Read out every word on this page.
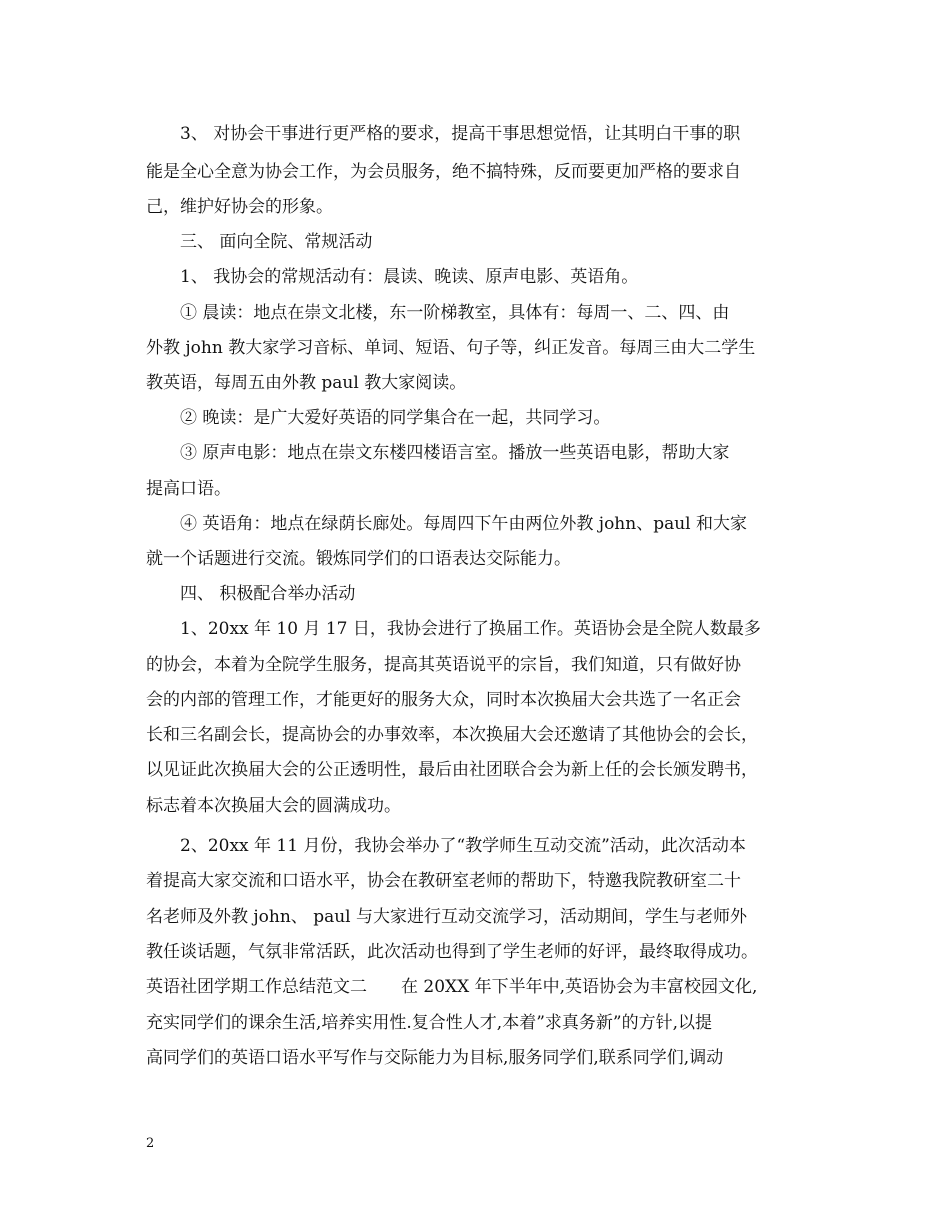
3、 对协会干事进行更严格的要求，提高干事思想觉悟，让其明白干事的职
能是全心全意为协会工作，为会员服务，绝不搞特殊，反而要更加严格的要求自
己，维护好协会的形象。
三、 面向全院、常规活动
1、 我协会的常规活动有：晨读、晚读、原声电影、英语角。
① 晨读：地点在崇文北楼，东一阶梯教室，具体有：每周一、二、四、由
外教 john 教大家学习音标、单词、短语、句子等，纠正发音。每周三由大二学生
教英语，每周五由外教 paul 教大家阅读。
② 晚读：是广大爱好英语的同学集合在一起，共同学习。
③ 原声电影：地点在崇文东楼四楼语言室。播放一些英语电影，帮助大家
提高口语。
④ 英语角：地点在绿荫长廊处。每周四下午由两位外教 john、paul 和大家
就一个话题进行交流。锻炼同学们的口语表达交际能力。
四、 积极配合举办活动
1、20xx 年 10 月 17 日，我协会进行了换届工作。英语协会是全院人数最多
的协会，本着为全院学生服务，提高其英语说平的宗旨，我们知道，只有做好协
会的内部的管理工作，才能更好的服务大众，同时本次换届大会共选了一名正会
长和三名副会长，提高协会的办事效率，本次换届大会还邀请了其他协会的会长，
以见证此次换届大会的公正透明性，最后由社团联合会为新上任的会长颁发聘书，
标志着本次换届大会的圆满成功。
2、20xx 年 11 月份，我协会举办了“教学师生互动交流”活动，此次活动本
着提高大家交流和口语水平，协会在教研室老师的帮助下，特邀我院教研室二十
名老师及外教 john、 paul 与大家进行互动交流学习，活动期间，学生与老师外
教任谈话题，气氛非常活跃，此次活动也得到了学生老师的好评，最终取得成功。
英语社团学期工作总结范文二　　在 20XX 年下半年中,英语协会为丰富校园文化,
充实同学们的课余生活,培养实用性.复合性人才,本着”求真务新”的方针,以提
高同学们的英语口语水平写作与交际能力为目标,服务同学们,联系同学们,调动
2
